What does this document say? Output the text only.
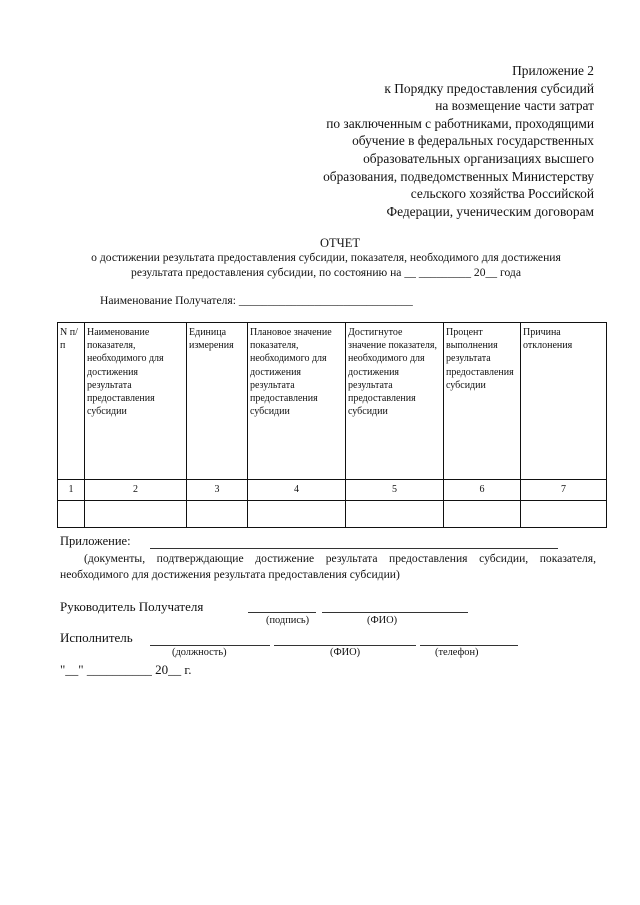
Приложение 2
к Порядку предоставления субсидий
на возмещение части затрат
по заключенным с работниками, проходящими
обучение в федеральных государственных
образовательных организациях высшего
образования, подведомственных Министерству
сельского хозяйства Российской
Федерации, ученическим договорам
ОТЧЕТ
о достижении результата предоставления субсидии, показателя, необходимого для достижения результата предоставления субсидии, по состоянию на __ _________ 20__ года
Наименование Получателя: ______________________________
N п/п	Наименование показателя, необходимого для достижения результата предоставления субсидии	Единица измерения	Плановое значение показателя, необходимого для достижения результата предоставления субсидии	Достигнутое значение показателя, необходимого для достижения результата предоставления субсидии	Процент выполнения результата предоставления субсидии	Причина отклонения
1	2	3	4	5	6	7

Приложение:
(документы, подтверждающие достижение результата предоставления субсидии, показателя, необходимого для достижения результата предоставления субсидии)
Руководитель Получателя
(подпись)	(ФИО)
Исполнитель
(должность)	(ФИО)	(телефон)
"__" __________ 20__ г.
